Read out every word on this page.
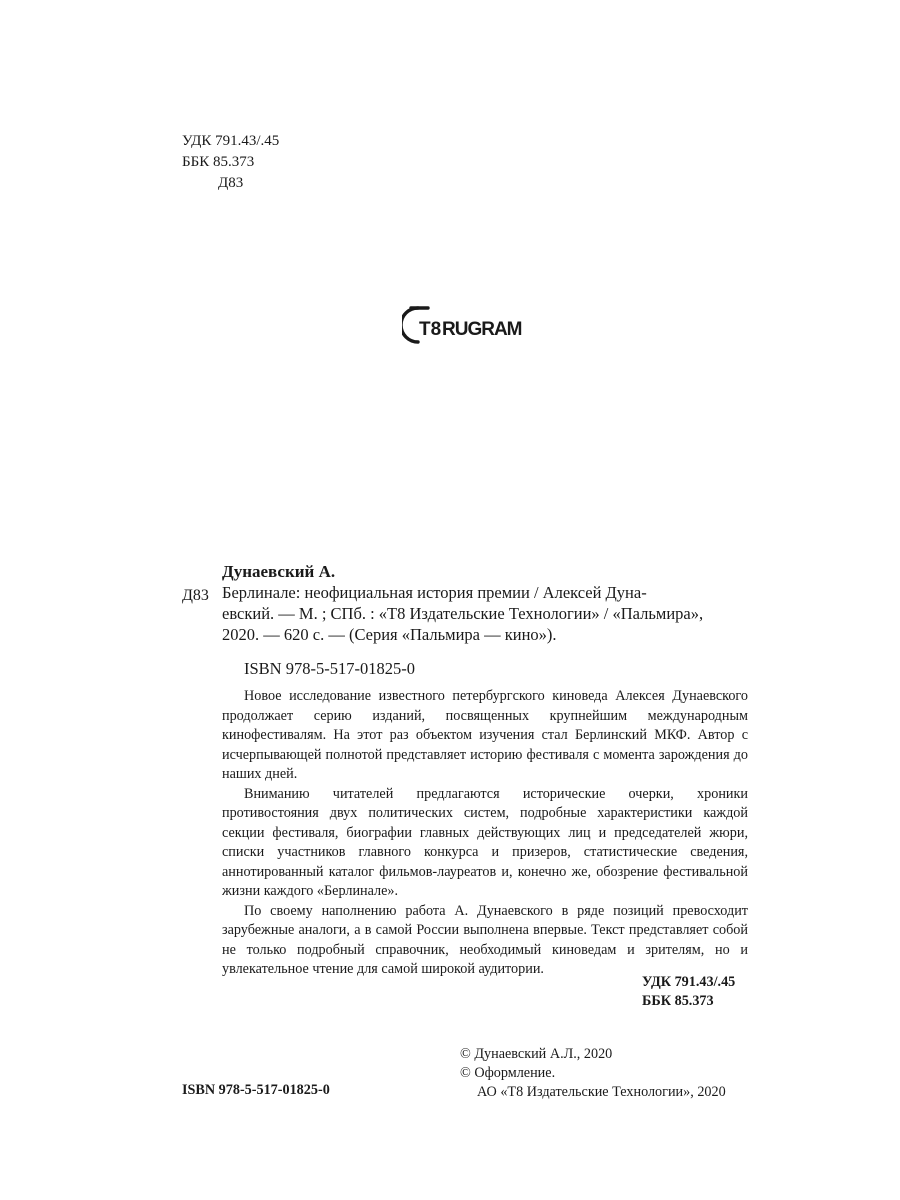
УДК 791.43/.45
ББК 85.373
Д83
Т8 RUGRAM
Дунаевский А.
Д83 Берлинале: неофициальная история премии / Алексей Дуна-
евский. — М. ; СПб. : «Т8 Издательские Технологии» / «Пальмира»,
2020. — 620 с. — (Серия «Пальмира — кино»).
ISBN 978-5-517-01825-0

Новое исследование известного петербургского киноведа Алексея Дунаевского продолжает серию изданий, посвященных крупнейшим международным кинофестивалям. На этот раз объектом изучения стал Берлинский МКФ. Автор с исчерпывающей полнотой представляет историю фестиваля с момента зарождения до наших дней.

Вниманию читателей предлагаются исторические очерки, хроники противостояния двух политических систем, подробные характеристики каждой секции фестиваля, биографии главных действующих лиц и председателей жюри, списки участников главного конкурса и призеров, статистические сведения, аннотированный каталог фильмов-лауреатов и, конечно же, обозрение фестивальной жизни каждого «Берлинале».

По своему наполнению работа А. Дунаевского в ряде позиций превосходит зарубежные аналоги, а в самой России выполнена впервые. Текст представляет собой не только подробный справочник, необходимый киноведам и зрителям, но и увлекательное чтение для самой широкой аудитории.

УДК 791.43/.45
ББК 85.373
© Дунаевский А.Л., 2020
© Оформление.
АО «Т8 Издательские Технологии», 2020
ISBN 978-5-517-01825-0
